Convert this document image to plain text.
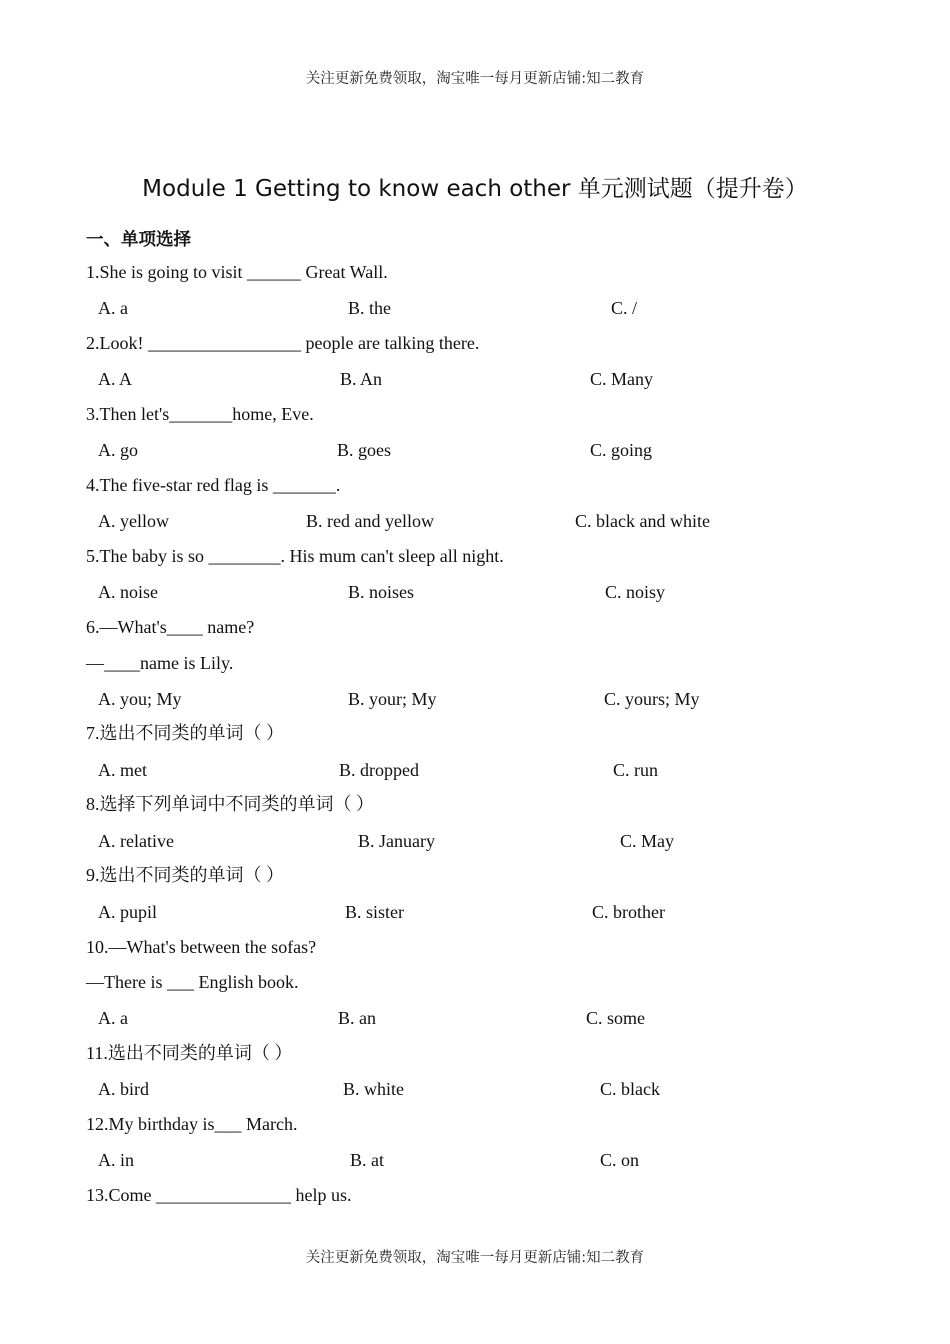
关注更新免费领取，淘宝唯一每月更新店铺:知二教育
Module 1 Getting to know each other 单元测试题（提升卷）
一、单项选择
1.She is going to visit ______ Great Wall.
A. a	B. the	C. /
2.Look! _________________ people are talking there.
A. A	B. An	C. Many
3.Then let's_______home, Eve.
A. go	B. goes	C. going
4.The five-star red flag is _______.
A. yellow	B. red and yellow	C. black and white
5.The baby is so ________. His mum can't sleep all night.
A. noise	B. noises	C. noisy
6.—What's____ name?
—____name is Lily.
A. you; My	B. your; My	C. yours; My
7.选出不同类的单词（ ）
A. met	B. dropped	C. run
8.选择下列单词中不同类的单词（ ）
A. relative	B. January	C. May
9.选出不同类的单词（ ）
A. pupil	B. sister	C. brother
10.—What's between the sofas?
—There is ___ English book.
A. a	B. an	C. some
11.选出不同类的单词（ ）
A. bird	B. white	C. black
12.My birthday is___ March.
A. in	B. at	C. on
13.Come _______________ help us.
关注更新免费领取，淘宝唯一每月更新店铺:知二教育
